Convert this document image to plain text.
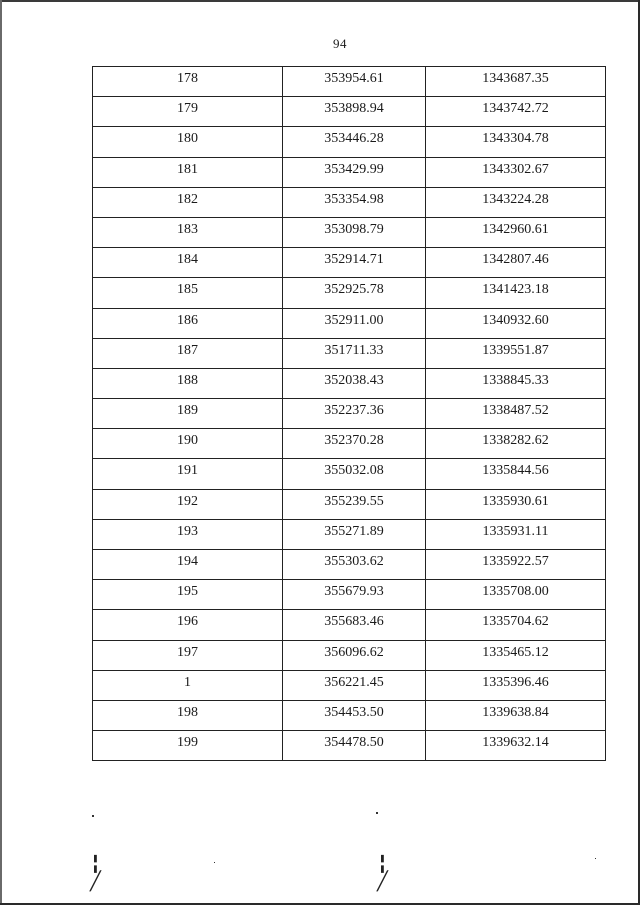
94
178	353954.61	1343687.35
179	353898.94	1343742.72
180	353446.28	1343304.78
181	353429.99	1343302.67
182	353354.98	1343224.28
183	353098.79	1342960.61
184	352914.71	1342807.46
185	352925.78	1341423.18
186	352911.00	1340932.60
187	351711.33	1339551.87
188	352038.43	1338845.33
189	352237.36	1338487.52
190	352370.28	1338282.62
191	355032.08	1335844.56
192	355239.55	1335930.61
193	355271.89	1335931.11
194	355303.62	1335922.57
195	355679.93	1335708.00
196	355683.46	1335704.62
197	356096.62	1335465.12
1	356221.45	1335396.46
198	354453.50	1339638.84
199	354478.50	1339632.14
╏
╱
╏
╱
